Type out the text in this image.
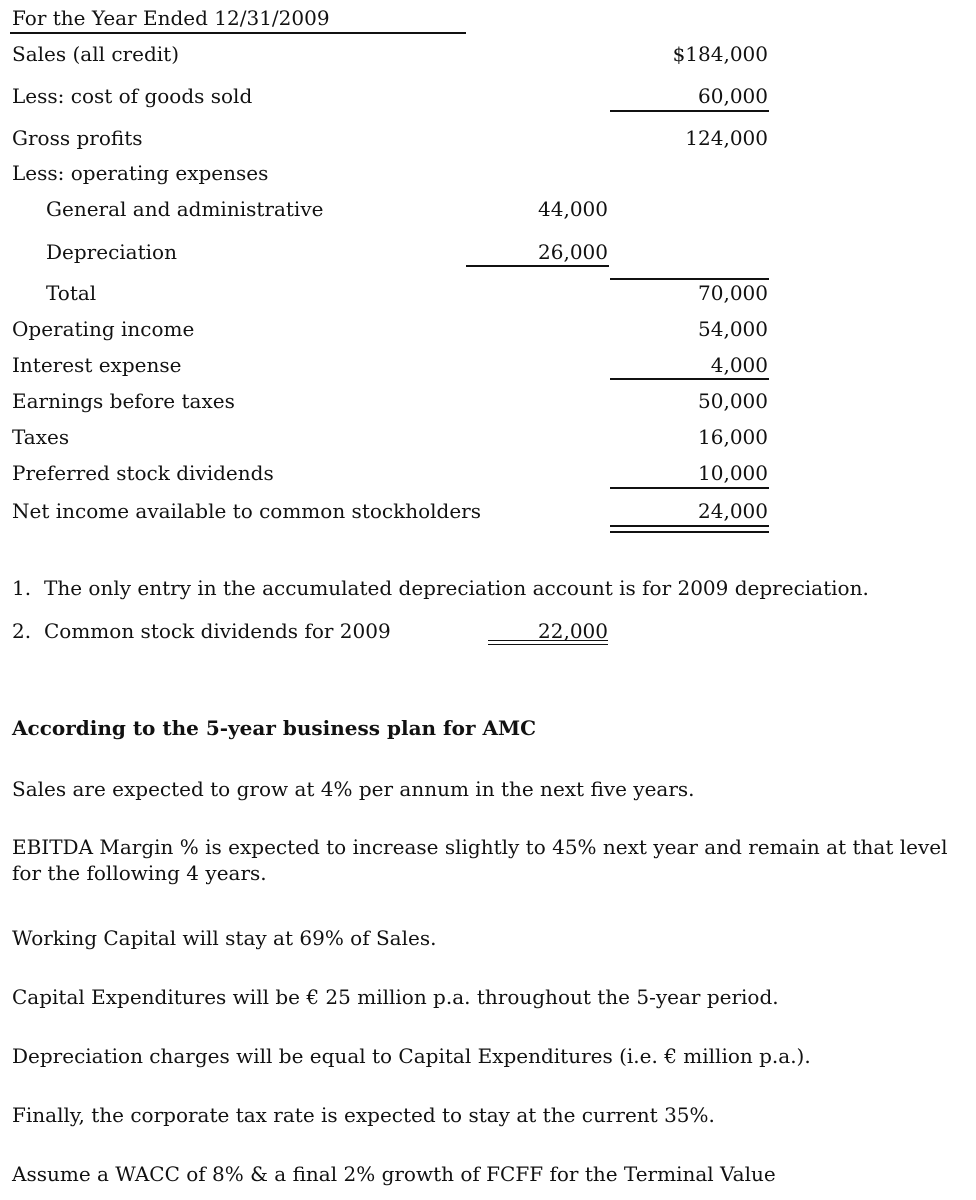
For the Year Ended 12/31/2009
Sales (all credit)	$184,000
Less: cost of goods sold	60,000
Gross profits	124,000
Less: operating expenses
General and administrative	44,000
Depreciation	26,000
Total	70,000
Operating income	54,000
Interest expense	4,000
Earnings before taxes	50,000
Taxes	16,000
Preferred stock dividends	10,000
Net income available to common stockholders	24,000
1. The only entry in the accumulated depreciation account is for 2009 depreciation.
2. Common stock dividends for 2009	22,000
According to the 5-year business plan for AMC
Sales are expected to grow at 4% per annum in the next five years.
EBITDA Margin % is expected to increase slightly to 45% next year and remain at that level for the following 4 years.
Working Capital will stay at 69% of Sales.
Capital Expenditures will be € 25 million p.a. throughout the 5-year period.
Depreciation charges will be equal to Capital Expenditures (i.e. € million p.a.).
Finally, the corporate tax rate is expected to stay at the current 35%.
Assume a WACC of 8% & a final 2% growth of FCFF for the Terminal Value
